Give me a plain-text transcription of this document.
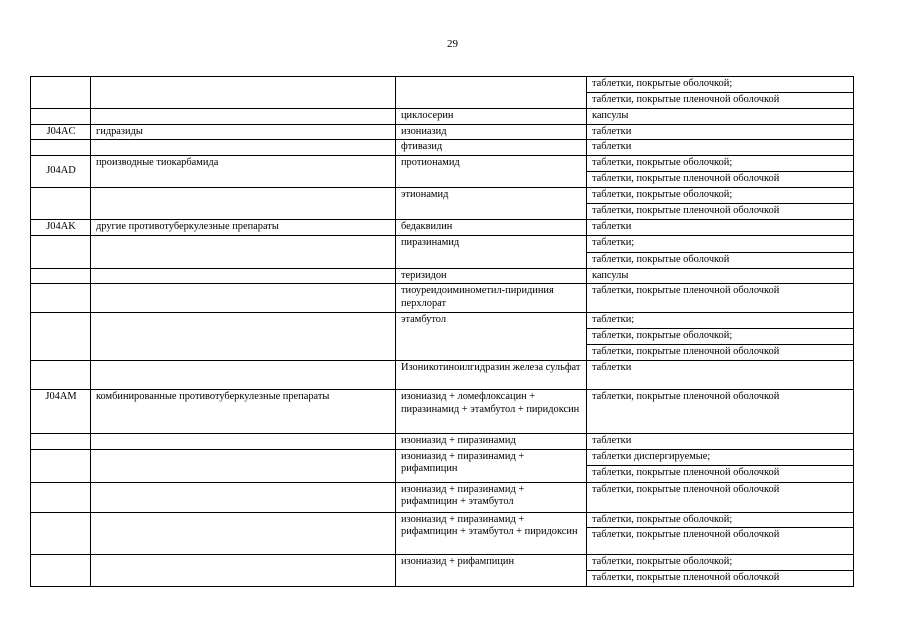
29
			таблетки, покрытые оболочкой;
			таблетки, покрытые пленочной оболочкой
		циклосерин	капсулы
J04AC	гидразиды	изониазид	таблетки
		фтивазид	таблетки
J04AD	производные тиокарбамида	протионамид	таблетки, покрытые оболочкой;
			таблетки, покрытые пленочной оболочкой
		этионамид	таблетки, покрытые оболочкой;
			таблетки, покрытые пленочной оболочкой
J04AK	другие противотуберкулезные препараты	бедаквилин	таблетки
		пиразинамид	таблетки;
			таблетки, покрытые оболочкой
		теризидон	капсулы
		тиоуреидоиминометил-пиридиния перхлорат	таблетки, покрытые пленочной оболочкой
		этамбутол	таблетки;
			таблетки, покрытые оболочкой;
			таблетки, покрытые пленочной оболочкой
		Изоникотиноилгидразин железа сульфат	таблетки
J04AM	комбинированные противотуберкулезные препараты	изониазид + ломефлоксацин + пиразинамид + этамбутол + пиридоксин	таблетки, покрытые пленочной оболочкой
		изониазид + пиразинамид	таблетки
		изониазид + пиразинамид + рифампицин	таблетки диспергируемые;
			таблетки, покрытые пленочной оболочкой
		изониазид + пиразинамид + рифампицин + этамбутол	таблетки, покрытые пленочной оболочкой
		изониазид + пиразинамид + рифампицин + этамбутол + пиридоксин	таблетки, покрытые оболочкой;
			таблетки, покрытые пленочной оболочкой
		изониазид + рифампицин	таблетки, покрытые оболочкой;
			таблетки, покрытые пленочной оболочкой
